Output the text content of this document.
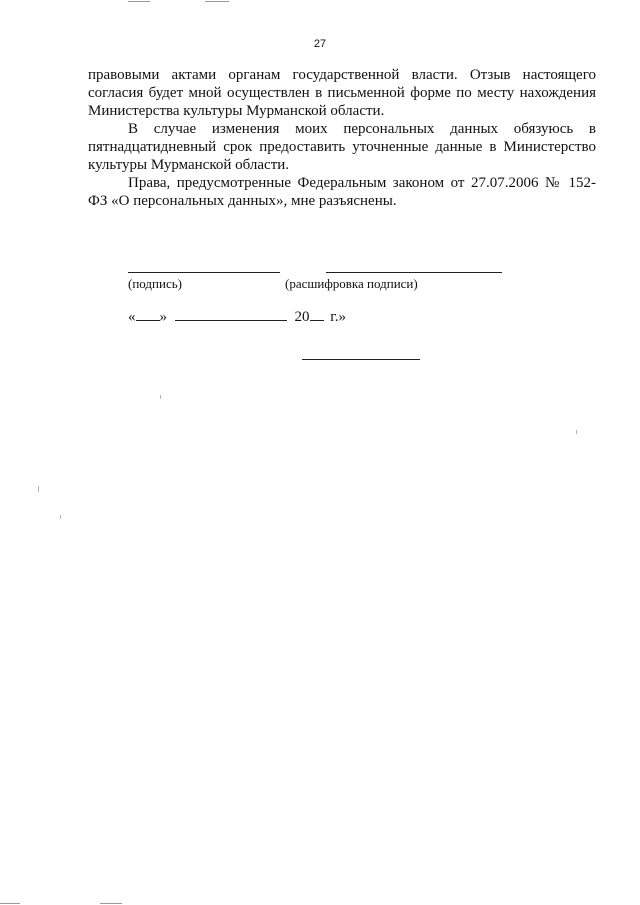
27

правовыми актами органам государственной власти. Отзыв настоящего согласия будет мной осуществлен в письменной форме по месту нахождения Министерства культуры Мурманской области.

В случае изменения моих персональных данных обязуюсь в пятнадцатидневный срок предоставить уточненные данные в Министерство культуры Мурманской области.

Права, предусмотренные Федеральным законом от 27.07.2006 № 152- ФЗ «О персональных данных», мне разъяснены.

(подпись)	(расшифровка подписи)
« »	20 г.»
